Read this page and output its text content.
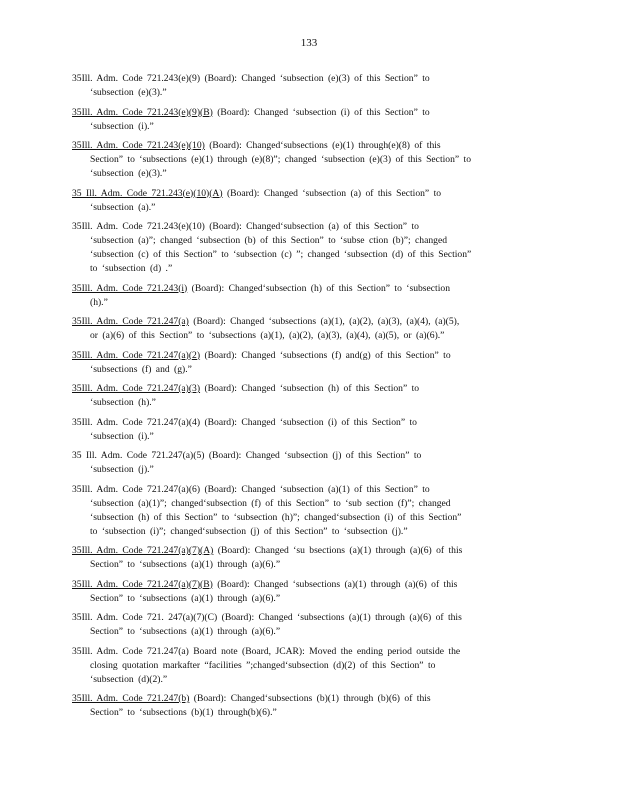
133
35Ill. Adm. Code 721.243(e)(9) (Board): Changed ‘subsection (e)(3) of this Section” to
‘subsection (e)(3).”
35Ill. Adm. Code 721.243(e)(9)(B) (Board): Changed ‘subsection (i) of this Section” to
‘subsection (i).”
35Ill. Adm. Code 721.243(e)(10) (Board): Changed‘subsections (e)(1) through(e)(8) of this
Section” to ‘subsections (e)(1) through (e)(8)”; changed ‘subsection (e)(3) of this Section” to
‘subsection (e)(3).”
35 Ill. Adm. Code 721.243(e)(10)(A) (Board): Changed ‘subsection (a) of this Section” to
‘subsection (a).”
35Ill. Adm. Code 721.243(e)(10) (Board): Changed‘subsection (a) of this Section” to
‘subsection (a)”; changed ‘subsection (b) of this Section” to ‘subse ction (b)”; changed
‘subsection (c) of this Section” to ‘subsection (c) ”; changed ‘subsection (d) of this Section”
to ‘subsection (d) .”
35Ill. Adm. Code 721.243(i) (Board): Changed‘subsection (h) of this Section” to ‘subsection
(h).”
35Ill. Adm. Code 721.247(a) (Board): Changed ‘subsections (a)(1), (a)(2), (a)(3), (a)(4), (a)(5),
or (a)(6) of this Section” to ‘subsections (a)(1), (a)(2), (a)(3), (a)(4), (a)(5), or (a)(6).”
35Ill. Adm. Code 721.247(a)(2) (Board): Changed ‘subsections (f) and(g) of this Section” to
‘subsections (f) and (g).”
35Ill. Adm. Code 721.247(a)(3) (Board): Changed ‘subsection (h) of this Section” to
‘subsection (h).”
35Ill. Adm. Code 721.247(a)(4) (Board): Changed ‘subsection (i) of this Section” to
‘subsection (i).”
35 Ill. Adm. Code 721.247(a)(5) (Board): Changed ‘subsection (j) of this Section” to
‘subsection (j).”
35Ill. Adm. Code 721.247(a)(6) (Board): Changed ‘subsection (a)(1) of this Section” to
‘subsection (a)(1)”; changed‘subsection (f) of this Section” to ‘sub section (f)”; changed
‘subsection (h) of this Section” to ‘subsection (h)”; changed‘subsection (i) of this Section”
to ‘subsection (i)”; changed‘subsection (j) of this Section” to ‘subsection (j).”
35Ill. Adm. Code 721.247(a)(7)(A) (Board): Changed ‘su bsections (a)(1) through (a)(6) of this
Section” to ‘subsections (a)(1) through (a)(6).”
35Ill. Adm. Code 721.247(a)(7)(B) (Board): Changed ‘subsections (a)(1) through (a)(6) of this
Section” to ‘subsections (a)(1) through (a)(6).”
35Ill. Adm. Code 721. 247(a)(7)(C) (Board): Changed ‘subsections (a)(1) through (a)(6) of this
Section” to ‘subsections (a)(1) through (a)(6).”
35Ill. Adm. Code 721.247(a) Board note (Board, JCAR): Moved the ending period outside the
closing quotation markafter “facilities ”;changed‘subsection (d)(2) of this Section” to
‘subsection (d)(2).”
35Ill. Adm. Code 721.247(b) (Board): Changed‘subsections (b)(1) through (b)(6) of this
Section” to ‘subsections (b)(1) through(b)(6).”
